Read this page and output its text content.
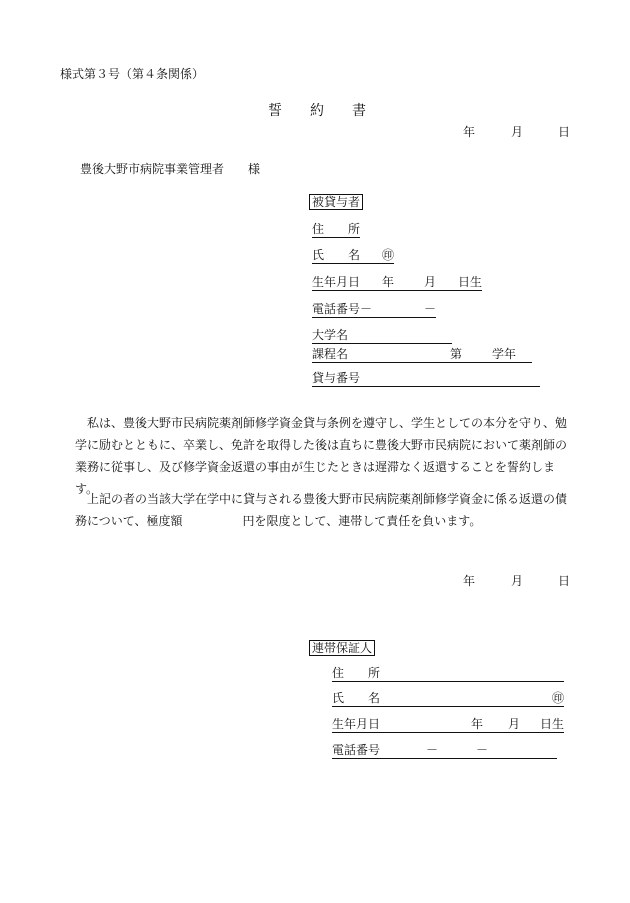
様式第３号（第４条関係）
誓　　約　　書
年	月	日
豊後大野市病院事業管理者　　様
被貸与者
住　　所
氏　　名 ㊞
生年月日 年	月 日生
電話番号－	－
大学名
課程名	第	学年
貸与番号
私は、豊後大野市民病院薬剤師修学資金貸与条例を遵守し、学生としての本分を守り、勉学に励むとともに、卒業し、免許を取得した後は直ちに豊後大野市民病院において薬剤師の業務に従事し、及び修学資金返還の事由が生じたときは遅滞なく返還することを誓約します。
上記の者の当該大学在学中に貸与される豊後大野市民病院薬剤師修学資金に係る返還の債務について、極度額	円を限度として、連帯して責任を負います。
年	月	日
連帯保証人
住　　所
氏　　名	㊞
生年月日	年 月 日生
電話番号	－	－
